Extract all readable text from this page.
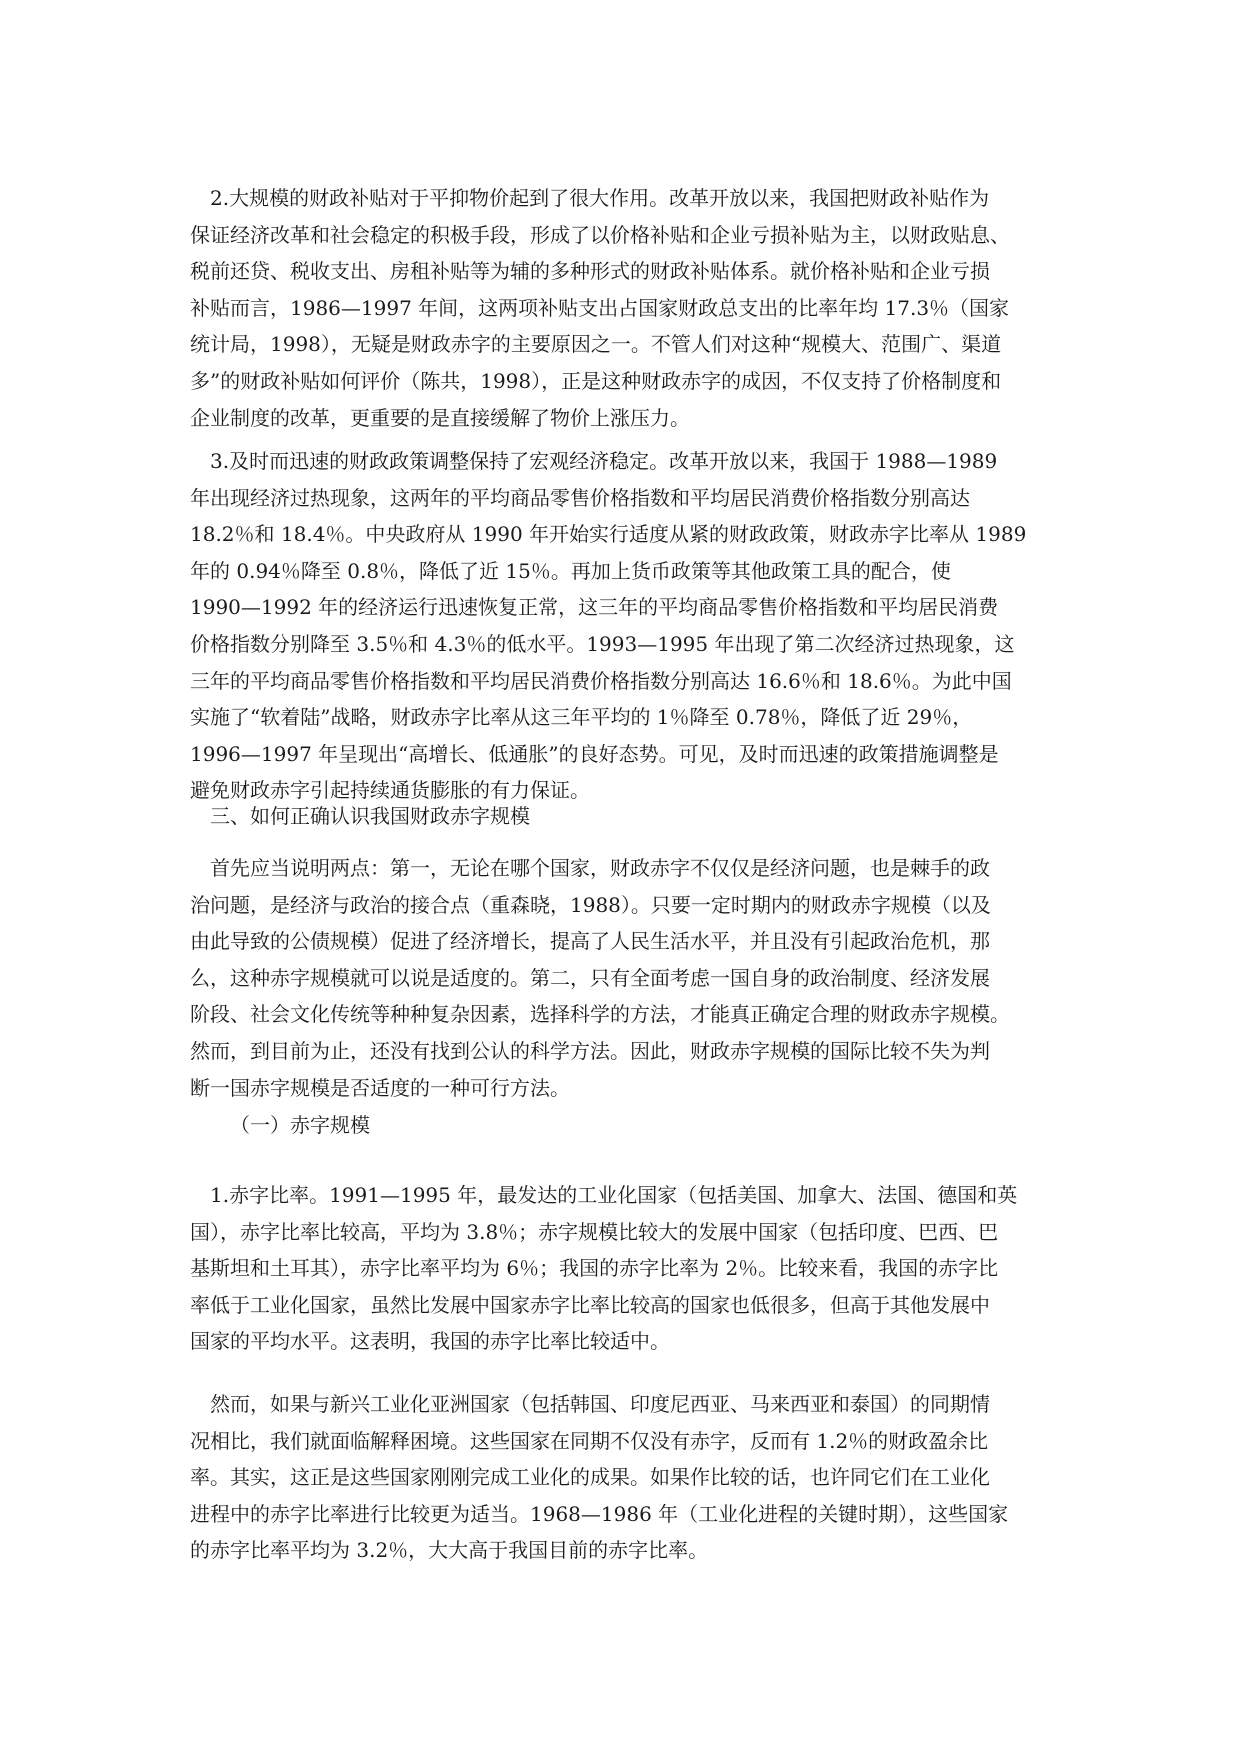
2.大规模的财政补贴对于平抑物价起到了很大作用。改革开放以来，我国把财政补贴作为
保证经济改革和社会稳定的积极手段，形成了以价格补贴和企业亏损补贴为主，以财政贴息、
税前还贷、税收支出、房租补贴等为辅的多种形式的财政补贴体系。就价格补贴和企业亏损
补贴而言，1986—1997 年间，这两项补贴支出占国家财政总支出的比率年均 17.3％（国家
统计局，1998），无疑是财政赤字的主要原因之一。不管人们对这种“规模大、范围广、渠道
多”的财政补贴如何评价（陈共，1998），正是这种财政赤字的成因，不仅支持了价格制度和
企业制度的改革，更重要的是直接缓解了物价上涨压力。
3.及时而迅速的财政政策调整保持了宏观经济稳定。改革开放以来，我国于 1988—1989
年出现经济过热现象，这两年的平均商品零售价格指数和平均居民消费价格指数分别高达
18.2％和 18.4％。中央政府从 1990 年开始实行适度从紧的财政政策，财政赤字比率从 1989
年的 0.94％降至 0.8％，降低了近 15％。再加上货币政策等其他政策工具的配合，使
1990—1992 年的经济运行迅速恢复正常，这三年的平均商品零售价格指数和平均居民消费
价格指数分别降至 3.5％和 4.3％的低水平。1993—1995 年出现了第二次经济过热现象，这
三年的平均商品零售价格指数和平均居民消费价格指数分别高达 16.6％和 18.6％。为此中国
实施了“软着陆”战略，财政赤字比率从这三年平均的 1％降至 0.78％，降低了近 29％，
1996—1997 年呈现出“高增长、低通胀”的良好态势。可见，及时而迅速的政策措施调整是
避免财政赤字引起持续通货膨胀的有力保证。
三、如何正确认识我国财政赤字规模
首先应当说明两点：第一，无论在哪个国家，财政赤字不仅仅是经济问题，也是棘手的政
治问题，是经济与政治的接合点（重森晓，1988）。只要一定时期内的财政赤字规模（以及
由此导致的公债规模）促进了经济增长，提高了人民生活水平，并且没有引起政治危机，那
么，这种赤字规模就可以说是适度的。第二，只有全面考虑一国自身的政治制度、经济发展
阶段、社会文化传统等种种复杂因素，选择科学的方法，才能真正确定合理的财政赤字规模。
然而，到目前为止，还没有找到公认的科学方法。因此，财政赤字规模的国际比较不失为判
断一国赤字规模是否适度的一种可行方法。
（一）赤字规模
1.赤字比率。1991—1995 年，最发达的工业化国家（包括美国、加拿大、法国、德国和英
国），赤字比率比较高，平均为 3.8％；赤字规模比较大的发展中国家（包括印度、巴西、巴
基斯坦和土耳其），赤字比率平均为 6％；我国的赤字比率为 2％。比较来看，我国的赤字比
率低于工业化国家，虽然比发展中国家赤字比率比较高的国家也低很多，但高于其他发展中
国家的平均水平。这表明，我国的赤字比率比较适中。
然而，如果与新兴工业化亚洲国家（包括韩国、印度尼西亚、马来西亚和泰国）的同期情
况相比，我们就面临解释困境。这些国家在同期不仅没有赤字，反而有 1.2％的财政盈余比
率。其实，这正是这些国家刚刚完成工业化的成果。如果作比较的话，也许同它们在工业化
进程中的赤字比率进行比较更为适当。1968—1986 年（工业化进程的关键时期），这些国家
的赤字比率平均为 3.2％，大大高于我国目前的赤字比率。
